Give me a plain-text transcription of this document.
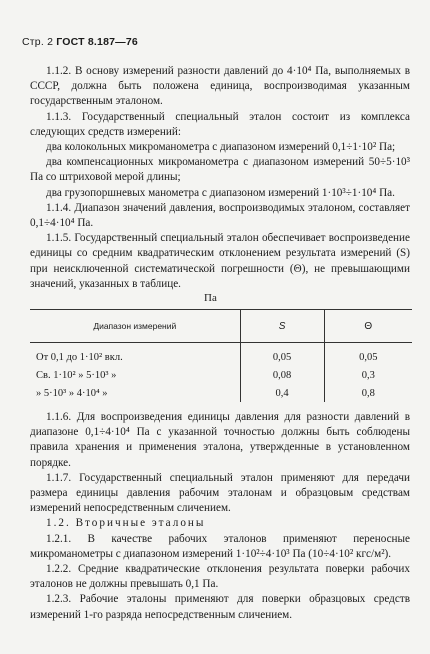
Стр. 2 ГОСТ 8.187—76

1.1.2. В основу измерений разности давлений до 4·10⁴ Па, выполняемых в СССР, должна быть положена единица, воспроизводимая указанным государственным эталоном.

1.1.3. Государственный специальный эталон состоит из комплекса следующих средств измерений:

два колокольных микроманометра с диапазоном измерений 0,1÷1·10² Па;

два компенсационных микроманометра с диапазоном измерений 50÷5·10³ Па со штриховой мерой длины;

два грузопоршневых манометра с диапазоном измерений 1·10³÷1·10⁴ Па.

1.1.4. Диапазон значений давления, воспроизводимых эталоном, составляет 0,1÷4·10⁴ Па.

1.1.5. Государственный специальный эталон обеспечивает воспроизведение единицы со средним квадратическим отклонением результата измерений (S) при неисключенной систематической погрешности (Θ), не превышающими значений, указанных в таблице.

Па
Диапазон измерений	S	Θ
От 0,1 до 1·10² вкл.	0,05	0,05
Св. 1·10² » 5·10³ »	0,08	0,3
» 5·10³ » 4·10⁴ »	0,4	0,8

1.1.6. Для воспроизведения единицы давления для разности давлений в диапазоне 0,1÷4·10⁴ Па с указанной точностью должны быть соблюдены правила хранения и применения эталона, утвержденные в установленном порядке.

1.1.7. Государственный специальный эталон применяют для передачи размера единицы давления рабочим эталонам и образцовым средствам измерений непосредственным сличением.

1.2. Вторичные эталоны

1.2.1. В качестве рабочих эталонов применяют переносные микроманометры с диапазоном измерений 1·10²÷4·10³ Па (10÷4·10² кгс/м²).

1.2.2. Средние квадратические отклонения результата поверки рабочих эталонов не должны превышать 0,1 Па.

1.2.3. Рабочие эталоны применяют для поверки образцовых средств измерений 1-го разряда непосредственным сличением.
